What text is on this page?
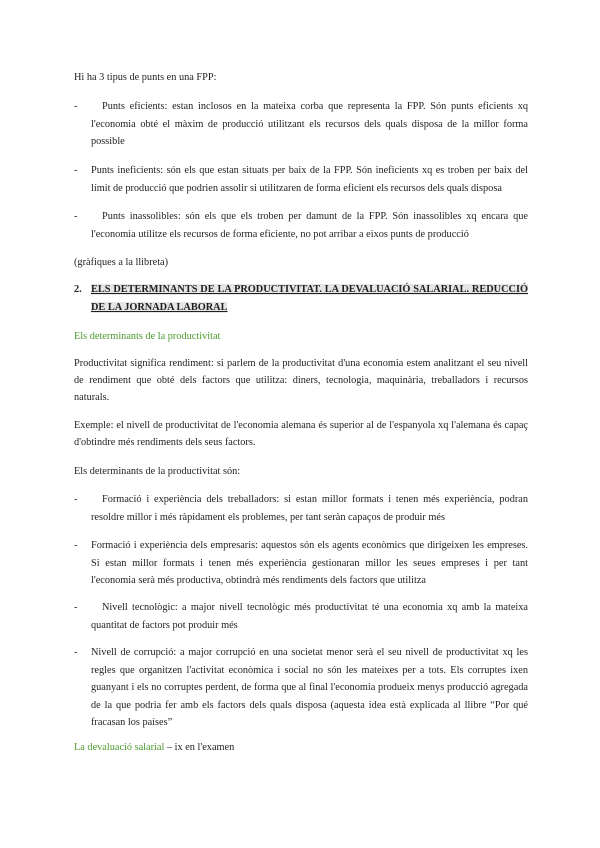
Hi ha 3 tipus de punts en una FPP:

-	Punts eficients: estan inclosos en la mateixa corba que representa la FPP. Són punts eficients xq l'economia obté el màxim de producció utilitzant els recursos dels quals disposa de la millor forma possible
-	Punts ineficients: són els que estan situats per baix de la FPP. Són ineficients xq es troben per baix del límit de producció que podrien assolir si utilitzaren de forma eficient els recursos dels quals disposa
-	Punts inassolibles: són els que els troben per damunt de la FPP. Són inassolibles xq encara que l'economia utilitze els recursos de forma eficiente, no pot arribar a eixos punts de producció

(gràfiques a la llibreta)

2. ELS DETERMINANTS DE LA PRODUCTIVITAT. LA DEVALUACIÓ SALARIAL. REDUCCIÓ DE LA JORNADA LABORAL

Els determinants de la productivitat

Productivitat significa rendiment: si parlem de la productivitat d'una economia estem analitzant el seu nivell de rendiment que obté dels factors que utilitza: diners, tecnologia, maquinària, treballadors i recursos naturals.

Exemple: el nivell de productivitat de l'economia alemana és superior al de l'espanyola xq l'alemana és capaç d'obtindre més rendiments dels seus factors.

Els determinants de la productivitat són:

-	Formació i experiència dels treballadors: si estan millor formats i tenen més experiència, podran resoldre millor i més ràpidament els problemes, per tant seràn capaços de produir més
-	Formació i experiència dels empresaris: aquestos són els agents econòmics que dirigeixen les empreses. Si estan millor formats i tenen més experiència gestionaran millor les seues empreses i per tant l'economia serà més productiva, obtindrà més rendiments dels factors que utilitza
-	Nivell tecnològic: a major nivell tecnològic més productivitat té una economia xq amb la mateixa quantitat de factors pot produir més
-	Nivell de corrupció: a major corrupció en una societat menor serà el seu nivell de productivitat xq les regles que organitzen l'activitat econòmica i social no són les mateixes per a tots. Els corruptes ixen guanyant i els no corruptes perdent, de forma que al final l'economia produeix menys producció agregada de la que podria fer amb els factors dels quals disposa (aquesta idea està explicada al llibre “Por qué fracasan los países”

La devaluació salarial – ix en l'examen
